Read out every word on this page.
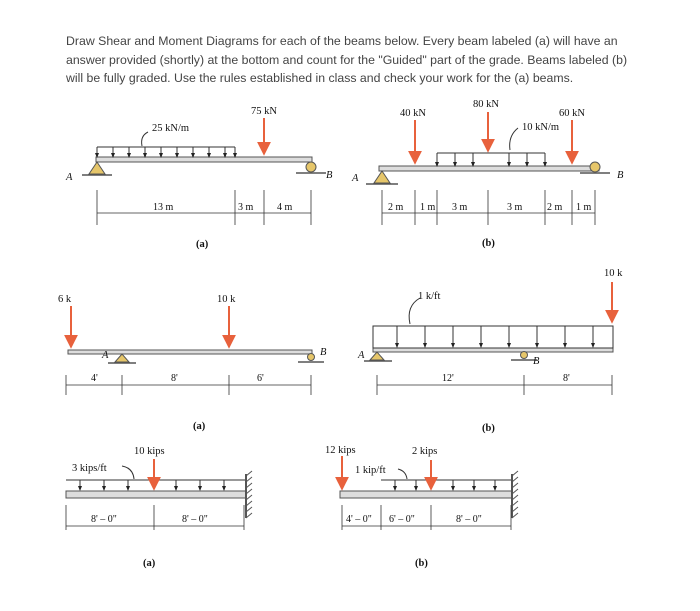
Draw Shear and Moment Diagrams for each of the beams below. Every beam labeled (a) will have an answer provided (shortly) at the bottom and count for the "Guided" part of the grade. Beams labeled (b) will be fully graded. Use the rules established in class and check your work for the (a) beams.
25 kN/m
75 kN
A	B
13 m	3 m 4 m
(a)
10 kN/m
40 kN
80 kN
60 kN
A	B
2 m 1 m 3 m	3 m 2 m 1 m
(b)
6 k	10 k
A	B
4'	8'	6'
(a)
1 k/ft
10 k
A
B
12'	8'
(b)
3 kips/ft
10 kips
8' – 0"	8' – 0"
(a)
1 kip/ft
12 kips	2 kips
4' – 0" 6' – 0"	8' – 0"
(b)
